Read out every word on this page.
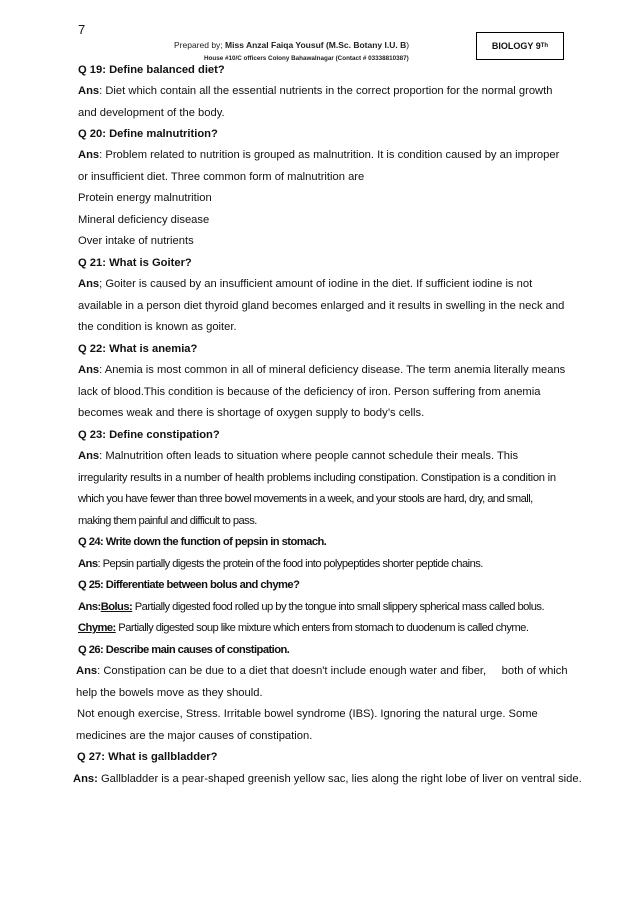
7
Prepared by; Miss Anzal Faiqa Yousuf (M.Sc. Botany I.U. B)
House #10/C officers Colony Bahawalnagar (Contact # 03338810387)
BIOLOGY 9 Th
Q 19: Define balanced diet?
Ans: Diet which contain all the essential nutrients in the correct proportion for the normal growth
and development of the body.
Q 20: Define malnutrition?
Ans: Problem related to nutrition is grouped as malnutrition. It is condition caused by an improper
or insufficient diet. Three common form of malnutrition are
Protein energy malnutrition
Mineral deficiency disease
Over intake of nutrients
Q 21: What is Goiter?
Ans; Goiter is caused by an insufficient amount of iodine in the diet. If sufficient iodine is not
available in a person diet thyroid gland becomes enlarged and it results in swelling in the neck and
the condition is known as goiter.
Q 22: What is anemia?
Ans: Anemia is most common in all of mineral deficiency disease. The term anemia literally means
lack of blood.This condition is because of the deficiency of iron. Person suffering from anemia
becomes weak and there is shortage of oxygen supply to body’s cells.
Q 23: Define constipation?
Ans: Malnutrition often leads to situation where people cannot schedule their meals. This
irregularity results in a number of health problems including constipation. Constipation is a condition in
which you have fewer than three bowel movements in a week, and your stools are hard, dry, and small,
making them painful and difficult to pass.
Q 24: Write down the function of pepsin in stomach.
Ans: Pepsin partially digests the protein of the food into polypeptides shorter peptide chains.
Q 25: Differentiate between bolus and chyme?
Ans:Bolus: Partially digested food rolled up by the tongue into small slippery spherical mass called bolus.
Chyme: Partially digested soup like mixture which enters from stomach to duodenum is called chyme.
Q 26: Describe main causes of constipation.
Ans: Constipation can be due to a diet that doesn't include enough water and fiber,     both of which
help the bowels move as they should.
Not enough exercise, Stress. Irritable bowel syndrome (IBS). Ignoring the natural urge. Some
medicines are the major causes of constipation.
Q 27: What is gallbladder?
Ans: Gallbladder is a pear-shaped greenish yellow sac, lies along the right lobe of liver on ventral side.
